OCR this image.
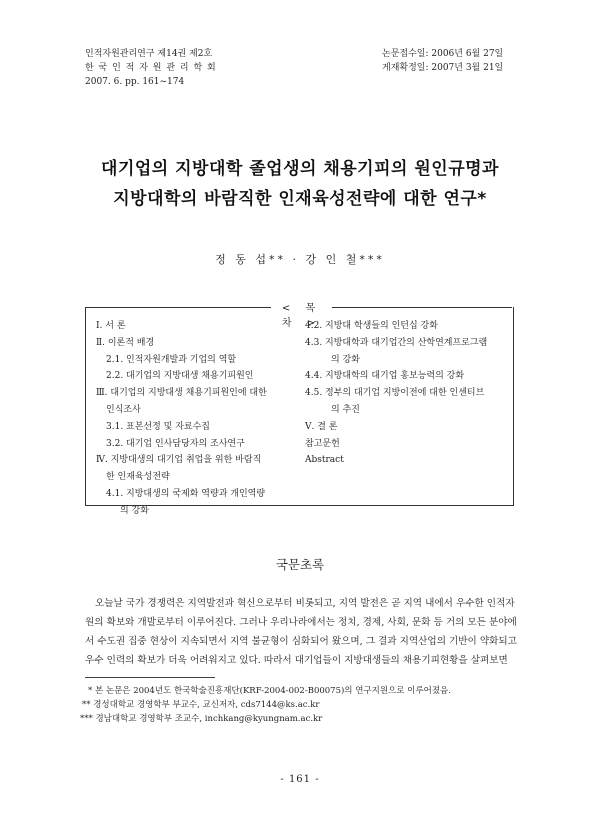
인적자원관리연구 제14권 제2호
한 국 인 적 자 원 관 리 학 회
2007. 6. pp. 161~174
논문접수일: 2006년 6월 27일
게재확정일: 2007년 3월 21일
대기업의 지방대학 졸업생의 채용기피의 원인규명과
지방대학의 바람직한 인재육성전략에 대한 연구*
정 동 섭** · 강 인 철***
< 목 차 >
Ⅰ. 서 론
Ⅱ. 이론적 배경
2.1. 인적자원개발과 기업의 역할
2.2. 대기업의 지방대생 채용기피원인
Ⅲ. 대기업의 지방대생 채용기피원인에 대한
인식조사
3.1. 표본선정 및 자료수집
3.2. 대기업 인사담당자의 조사연구
Ⅳ. 지방대생의 대기업 취업을 위한 바람직
한 인재육성전략
4.1. 지방대생의 국제화 역량과 개인역량
의 강화
4.2. 지방대 학생들의 인턴십 강화
4.3. 지방대학과 대기업간의 산학연계프로그램
의 강화
4.4. 지방대학의 대기업 홍보능력의 강화
4.5. 정부의 대기업 지방이전에 대한 인센티브
의 추진
Ⅴ. 결 론
참고문헌
Abstract
국문초록
오늘날 국가 경쟁력은 지역발전과 혁신으로부터 비롯되고, 지역 발전은 곧 지역 내에서 우수한 인적자
원의 확보와 개발로부터 이루어진다. 그러나 우리나라에서는 정치, 경제, 사회, 문화 등 거의 모든 분야에
서 수도권 집중 현상이 지속되면서 지역 불균형이 심화되어 왔으며, 그 결과 지역산업의 기반이 약화되고
우수 인력의 확보가 더욱 어려워지고 있다. 따라서 대기업들이 지방대생들의 채용기피현황을 살펴보면
* 본 논문은 2004년도 한국학술진흥재단(KRF-2004-002-B00075)의 연구지원으로 이루어졌음.
** 경성대학교 경영학부 부교수, 교신저자, cds7144@ks.ac.kr
*** 경남대학교 경영학부 조교수, inchkang@kyungnam.ac.kr
- 161 -
